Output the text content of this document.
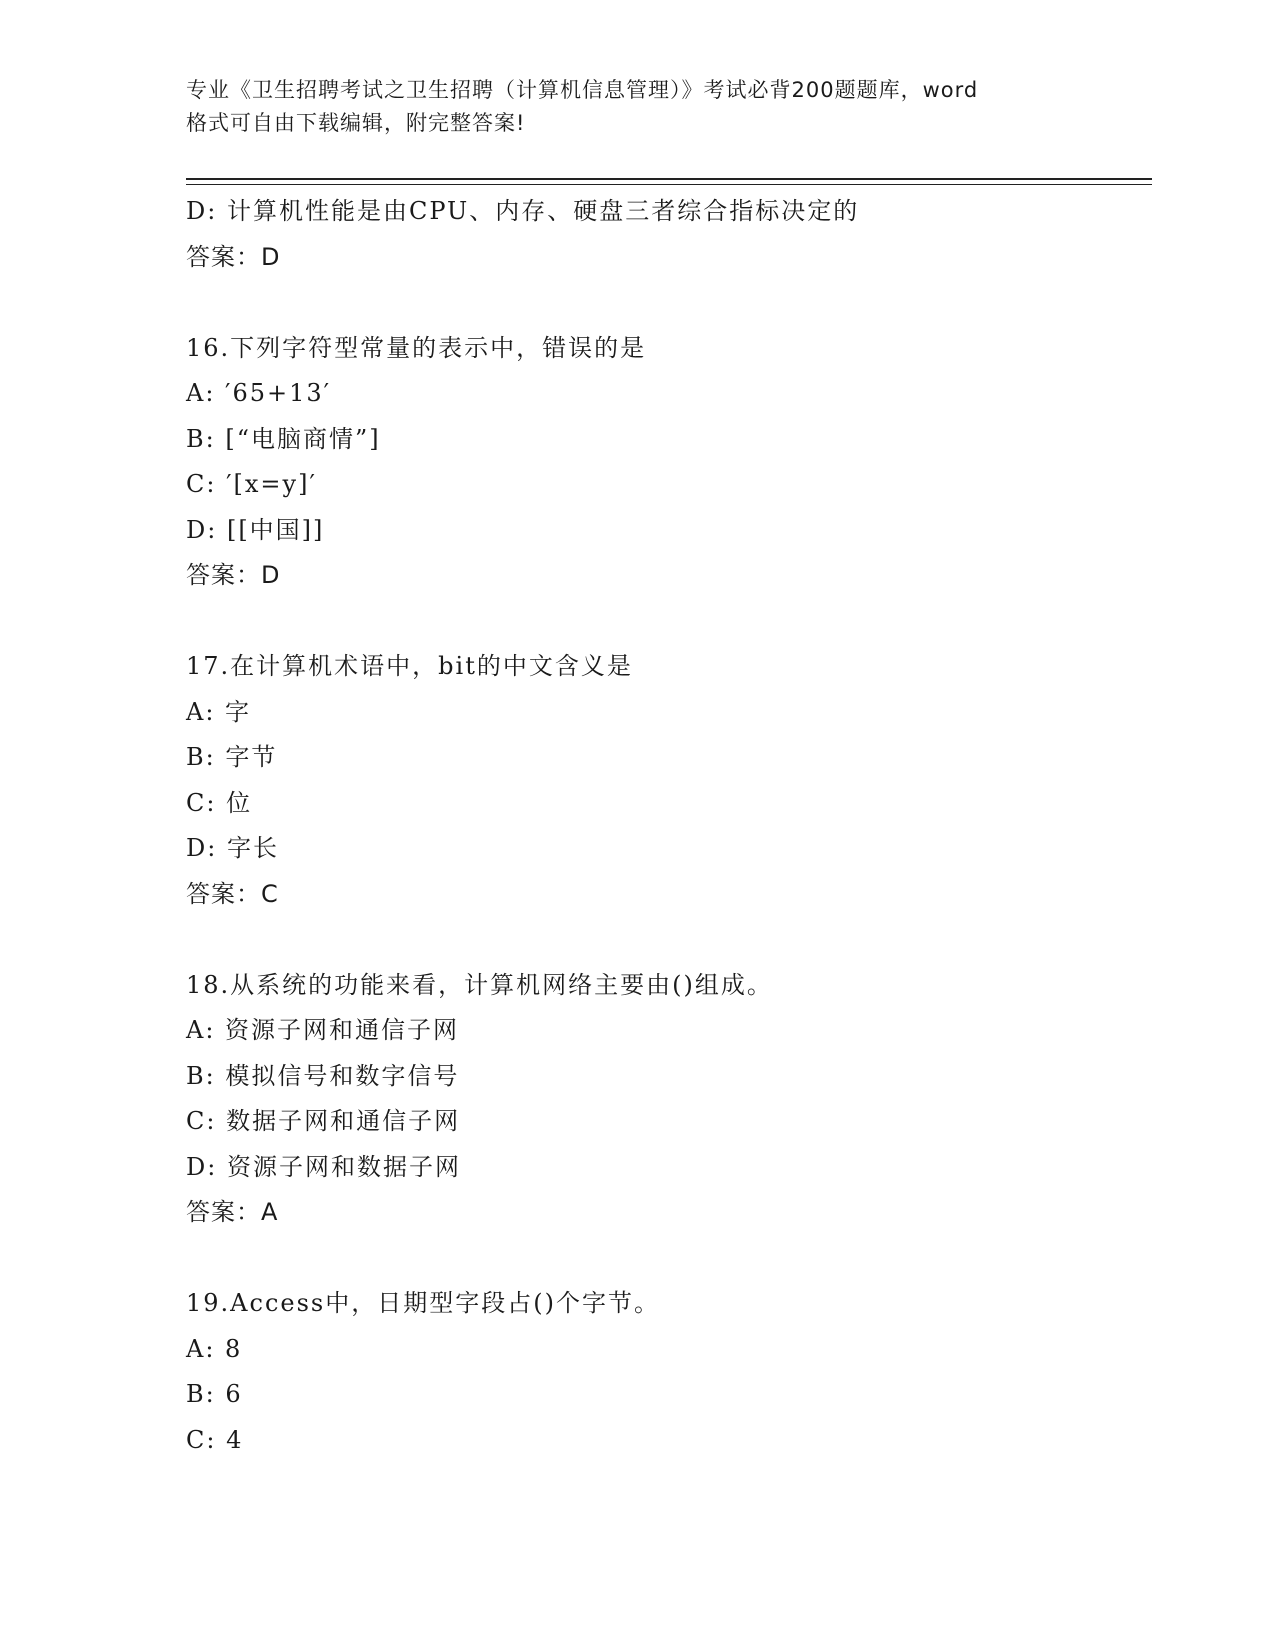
专业《卫生招聘考试之卫生招聘（计算机信息管理）》考试必背200题题库，word
格式可自由下载编辑，附完整答案!
D: 计算机性能是由CPU、内存、硬盘三者综合指标决定的
答案：D
16.下列字符型常量的表示中，错误的是
A: ′65+13′
B: [“电脑商情”]
C: ′[x=y]′
D: [[中国]]
答案：D
17.在计算机术语中，bit的中文含义是
A: 字
B: 字节
C: 位
D: 字长
答案：C
18.从系统的功能来看，计算机网络主要由()组成。
A: 资源子网和通信子网
B: 模拟信号和数字信号
C: 数据子网和通信子网
D: 资源子网和数据子网
答案：A
19.Access中，日期型字段占()个字节。
A: 8
B: 6
C: 4
